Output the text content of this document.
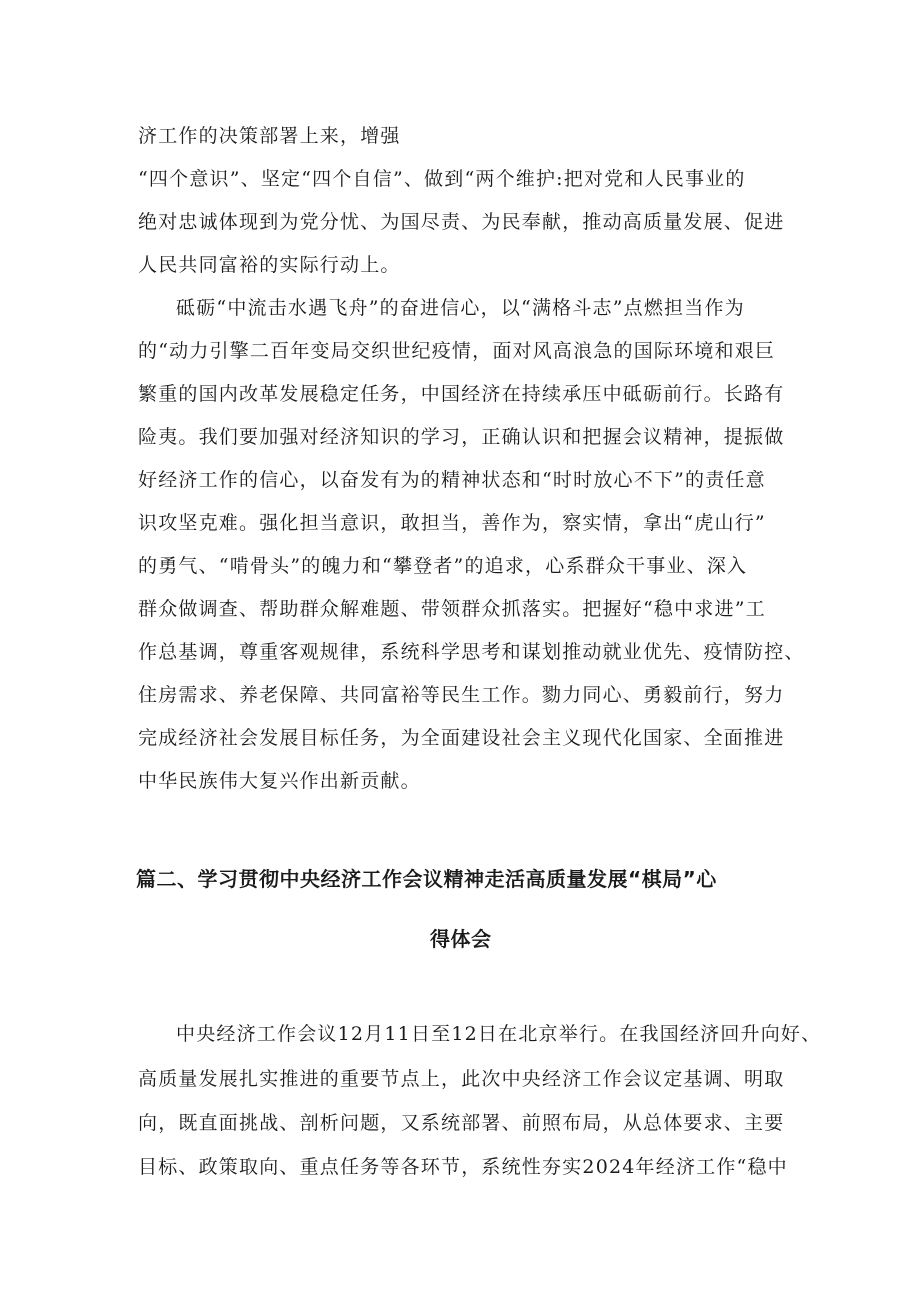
济工作的决策部署上来，增强
“四个意识”、坚定“四个自信”、做到“两个维护:把对党和人民事业的
绝对忠诚体现到为党分忧、为国尽责、为民奉献，推动高质量发展、促进
人民共同富裕的实际行动上。
砥砺“中流击水遇飞舟”的奋进信心，以“满格斗志”点燃担当作为
的“动力引擎二百年变局交织世纪疫情，面对风高浪急的国际环境和艰巨
繁重的国内改革发展稳定任务，中国经济在持续承压中砥砺前行。长路有
险夷。我们要加强对经济知识的学习，正确认识和把握会议精神，提振做
好经济工作的信心，以奋发有为的精神状态和“时时放心不下”的责任意
识攻坚克难。强化担当意识，敢担当，善作为，察实情，拿出“虎山行”
的勇气、“啃骨头”的魄力和“攀登者”的追求，心系群众干事业、深入
群众做调查、帮助群众解难题、带领群众抓落实。把握好“稳中求进”工
作总基调，尊重客观规律，系统科学思考和谋划推动就业优先、疫情防控、
住房需求、养老保障、共同富裕等民生工作。勠力同心、勇毅前行，努力
完成经济社会发展目标任务，为全面建设社会主义现代化国家、全面推进
中华民族伟大复兴作出新贡献。
篇二、学习贯彻中央经济工作会议精神走活高质量发展“棋局”心
得体会
中央经济工作会议12月11日至12日在北京举行。在我国经济回升向好、
高质量发展扎实推进的重要节点上，此次中央经济工作会议定基调、明取
向，既直面挑战、剖析问题，又系统部署、前照布局，从总体要求、主要
目标、政策取向、重点任务等各环节，系统性夯实2024年经济工作“稳中
